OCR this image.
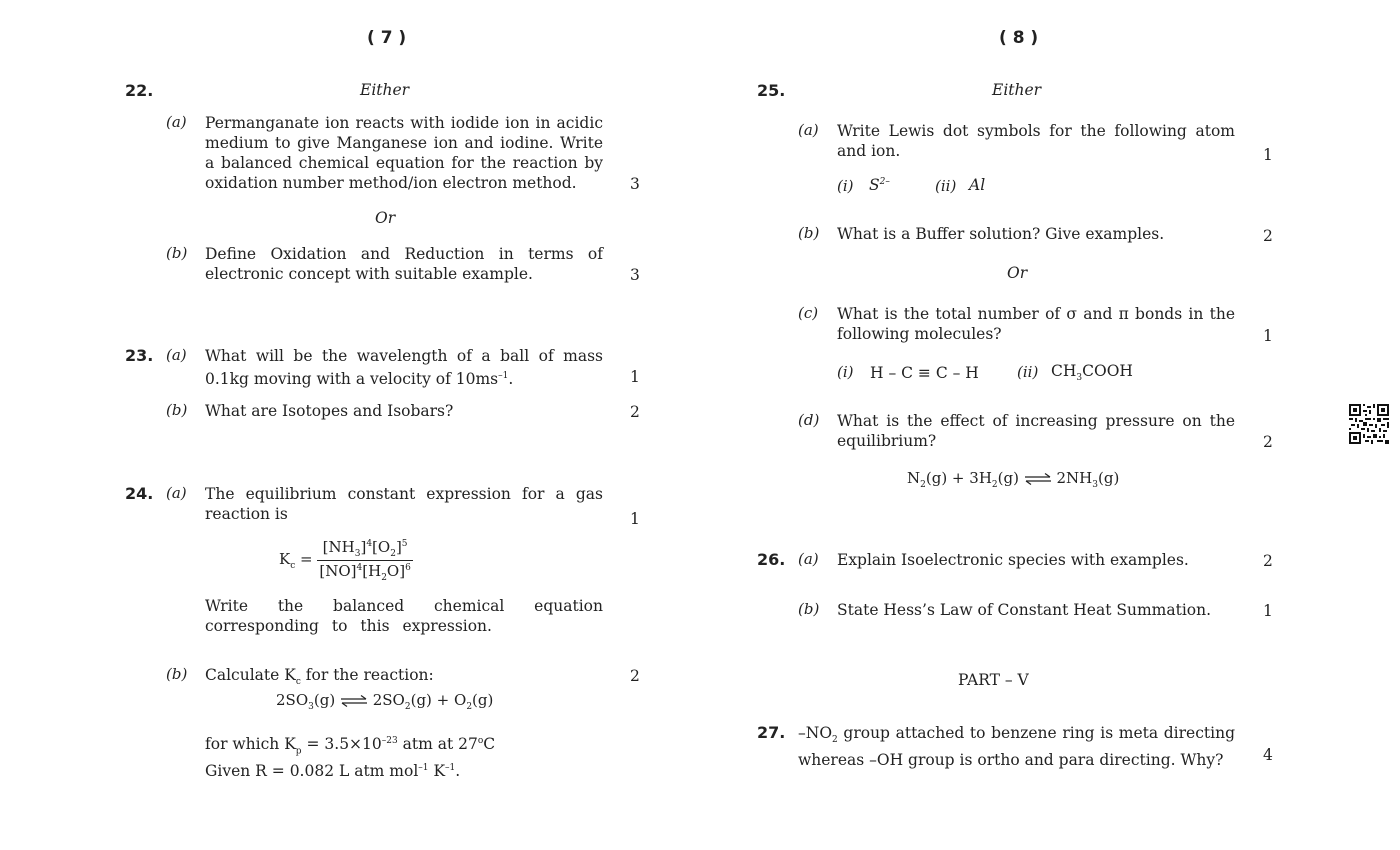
( 7 )	( 8 )
22.	Either
(a) Permanganate ion reacts with iodide ion in acidic medium to give Manganese ion and iodine. Write a balanced chemical equation for the reaction by oxidation number method/ion electron method.	3
Or
(b) Define Oxidation and Reduction in terms of electronic concept with suitable example.	3
23. (a) What will be the wavelength of a ball of mass 0.1kg moving with a velocity of $10ms^{-1}$.	1
(b) What are Isotopes and Isobars?	2
24. (a) The equilibrium constant expression for a gas reaction is	1
$K_c = \frac{[NH_3]^4[O_2]^5}{[NO]^4[H_2O]^6}$
Write the balanced chemical equation corresponding to this expression.
(b) Calculate $K_c$ for the reaction:	2
$2SO_3(g)$ ⇌ $2SO_2(g) + O_2(g)$
for which $K_p = 3.5\times 10^{-23}$ atm at 27$^o$C
Given R = 0.082 L atm mol$^{-1}$ $K^{-1}$.
25.	Either
(a) Write Lewis dot symbols for the following atom and ion.	1
(i) $S^{2-}$	(ii) Al
(b) What is a Buffer solution? Give examples.	2
Or
(c) What is the total number of σ and π bonds in the following molecules?	1
(i) H – C ≡ C – H	(ii) $CH_3COOH$
(d) What is the effect of increasing pressure on the equilibrium?	2
$N_2(g) + 3H_2(g)$ ⇌ $2NH_3(g)$
26. (a) Explain Isoelectronic species with examples.	2
(b) State Hess’s Law of Constant Heat Summation.	1
PART – V
27. $-NO_2$ group attached to benzene ring is meta directing whereas –OH group is ortho and para directing. Why?	4
